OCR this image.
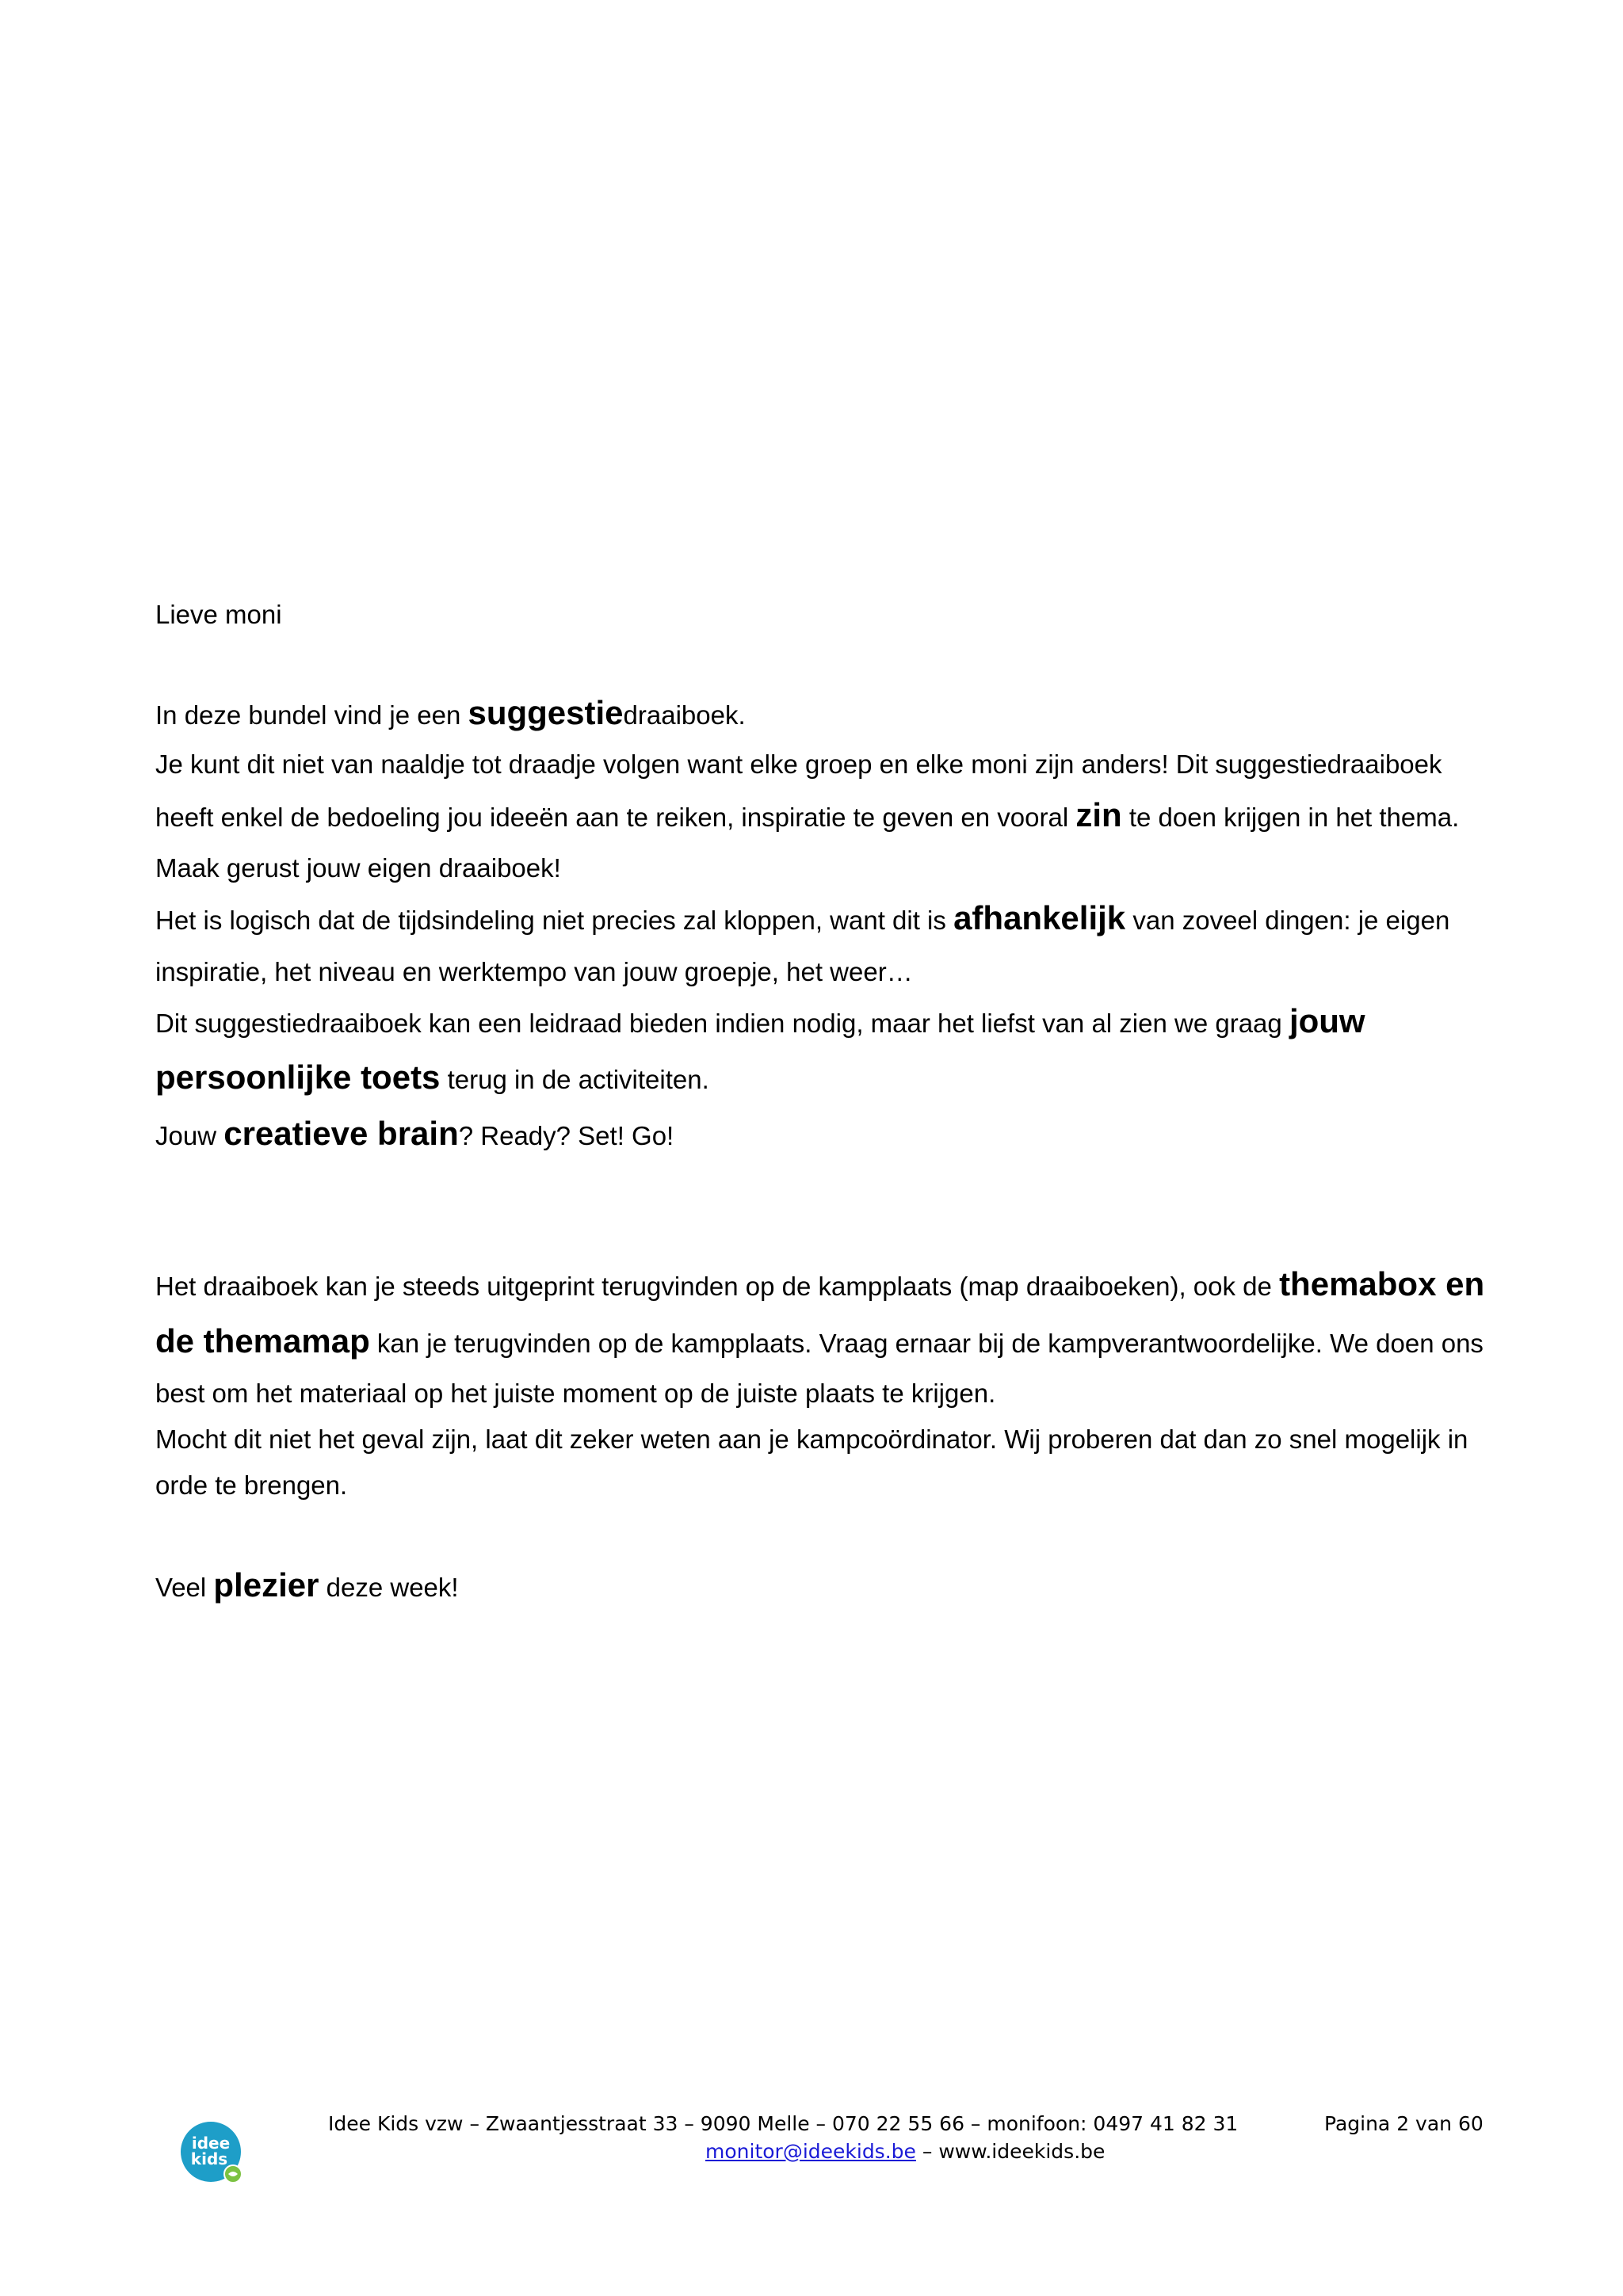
Lieve moni
In deze bundel vind je een suggestiedraaiboek.
Je kunt dit niet van naaldje tot draadje volgen want elke groep en elke moni zijn anders! Dit suggestiedraaiboek
heeft enkel de bedoeling jou ideeën aan te reiken, inspiratie te geven en vooral zin te doen krijgen in het thema.
Maak gerust jouw eigen draaiboek!
Het is logisch dat de tijdsindeling niet precies zal kloppen, want dit is afhankelijk van zoveel dingen: je eigen
inspiratie, het niveau en werktempo van jouw groepje, het weer…
Dit suggestiedraaiboek kan een leidraad bieden indien nodig, maar het liefst van al zien we graag jouw
persoonlijke toets terug in de activiteiten.
Jouw creatieve brain? Ready? Set! Go!
Het draaiboek kan je steeds uitgeprint terugvinden op de kampplaats (map draaiboeken), ook de themabox en
de themamap kan je terugvinden op de kampplaats. Vraag ernaar bij de kampverantwoordelijke. We doen ons
best om het materiaal op het juiste moment op de juiste plaats te krijgen.
Mocht dit niet het geval zijn, laat dit zeker weten aan je kampcoördinator. Wij proberen dat dan zo snel mogelijk in
orde te brengen.
Veel plezier deze week!
idee
kids
Idee Kids vzw – Zwaantjesstraat 33 – 9090 Melle – 070 22 55 66 – monifoon: 0497 41 82 31	Pagina 2 van 60
monitor@ideekids.be – www.ideekids.be
